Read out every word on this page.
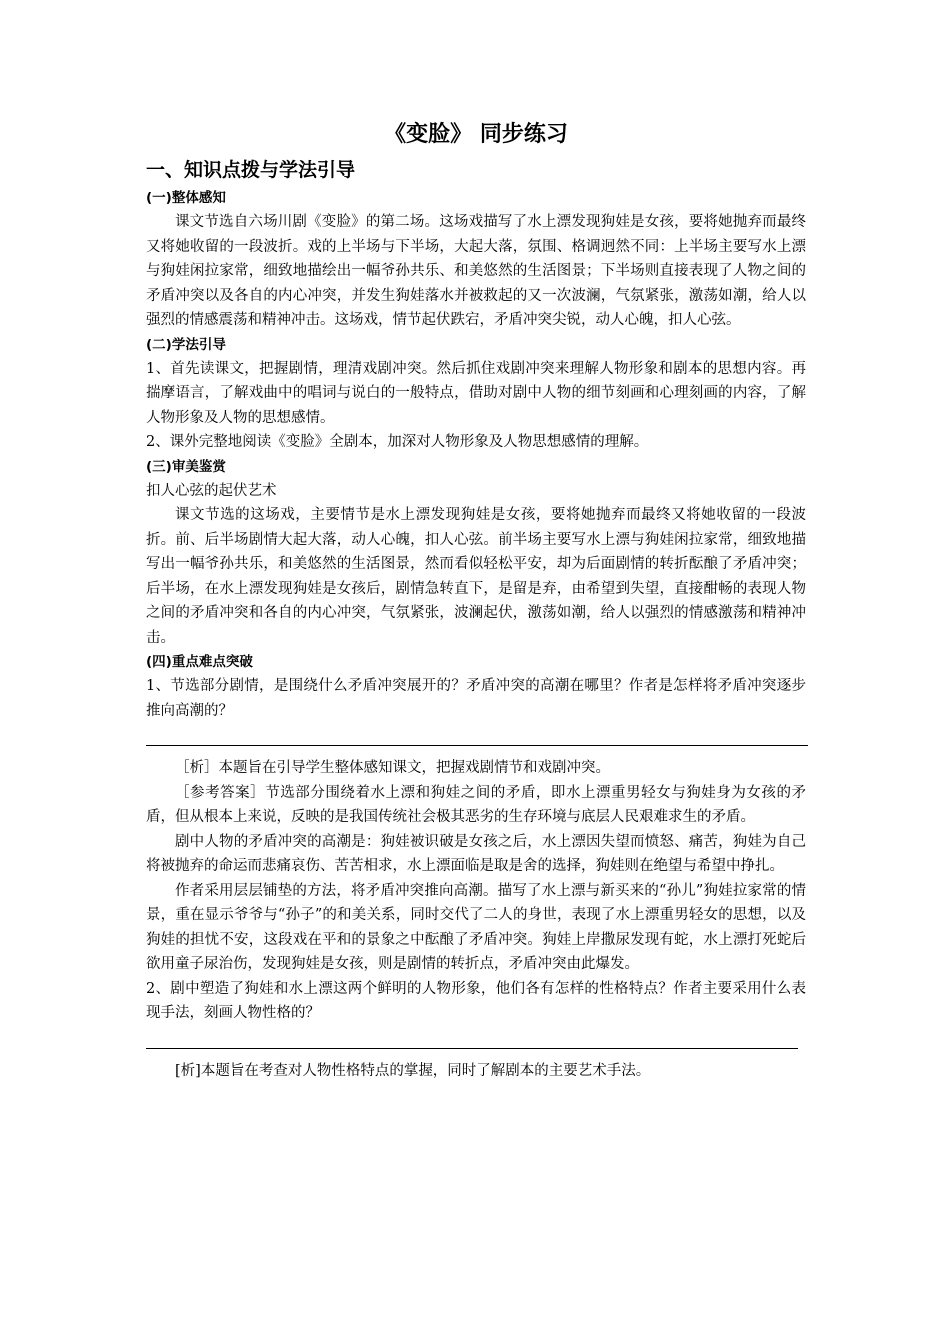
《变脸》 同步练习
一、知识点拨与学法引导
(一)整体感知

课文节选自六场川剧《变脸》的第二场。这场戏描写了水上漂发现狗娃是女孩，要将她抛弃而最终又将她收留的一段波折。戏的上半场与下半场，大起大落，氛围、格调迥然不同：上半场主要写水上漂与狗娃闲拉家常，细致地描绘出一幅爷孙共乐、和美悠然的生活图景；下半场则直接表现了人物之间的矛盾冲突以及各自的内心冲突，并发生狗娃落水并被救起的又一次波澜，气氛紧张，激荡如潮，给人以强烈的情感震荡和精神冲击。这场戏，情节起伏跌宕，矛盾冲突尖锐，动人心魄，扣人心弦。

(二)学法引导

1、首先读课文，把握剧情，理清戏剧冲突。然后抓住戏剧冲突来理解人物形象和剧本的思想内容。再揣摩语言，了解戏曲中的唱词与说白的一般特点，借助对剧中人物的细节刻画和心理刻画的内容，了解人物形象及人物的思想感情。

2、课外完整地阅读《变脸》全剧本，加深对人物形象及人物思想感情的理解。

(三)审美鉴赏

扣人心弦的起伏艺术

课文节选的这场戏，主要情节是水上漂发现狗娃是女孩，要将她抛弃而最终又将她收留的一段波折。前、后半场剧情大起大落，动人心魄，扣人心弦。前半场主要写水上漂与狗娃闲拉家常，细致地描写出一幅爷孙共乐，和美悠然的生活图景，然而看似轻松平安，却为后面剧情的转折酝酿了矛盾冲突；后半场，在水上漂发现狗娃是女孩后，剧情急转直下，是留是弃，由希望到失望，直接酣畅的表现人物之间的矛盾冲突和各自的内心冲突，气氛紧张，波澜起伏，激荡如潮，给人以强烈的情感激荡和精神冲击。

(四)重点难点突破

1、节选部分剧情，是围绕什么矛盾冲突展开的？矛盾冲突的高潮在哪里？作者是怎样将矛盾冲突逐步推向高潮的？

［析］本题旨在引导学生整体感知课文，把握戏剧情节和戏剧冲突。

［参考答案］节选部分围绕着水上漂和狗娃之间的矛盾，即水上漂重男轻女与狗娃身为女孩的矛盾，但从根本上来说，反映的是我国传统社会极其恶劣的生存环境与底层人民艰难求生的矛盾。

剧中人物的矛盾冲突的高潮是：狗娃被识破是女孩之后，水上漂因失望而愤怒、痛苦，狗娃为自己将被抛弃的命运而悲痛哀伤、苦苦相求，水上漂面临是取是舍的选择，狗娃则在绝望与希望中挣扎。

作者采用层层铺垫的方法，将矛盾冲突推向高潮。描写了水上漂与新买来的“孙儿”狗娃拉家常的情景，重在显示爷爷与“孙子”的和美关系，同时交代了二人的身世，表现了水上漂重男轻女的思想，以及狗娃的担忧不安，这段戏在平和的景象之中酝酿了矛盾冲突。狗娃上岸撒尿发现有蛇，水上漂打死蛇后欲用童子尿治伤，发现狗娃是女孩，则是剧情的转折点，矛盾冲突由此爆发。

2、剧中塑造了狗娃和水上漂这两个鲜明的人物形象，他们各有怎样的性格特点？作者主要采用什么表现手法，刻画人物性格的？

[析]本题旨在考查对人物性格特点的掌握，同时了解剧本的主要艺术手法。
